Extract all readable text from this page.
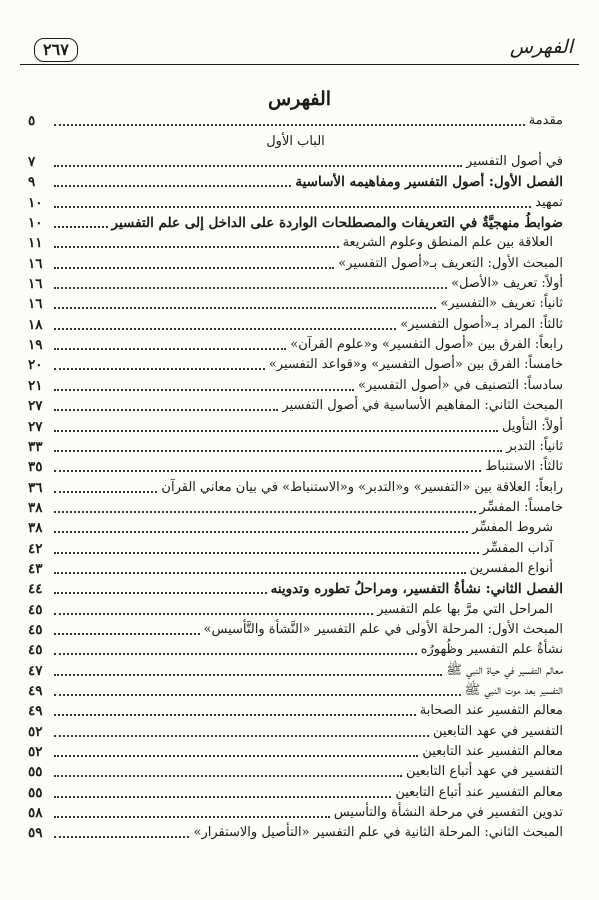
الفهرس
٢٦٧
الفهرس
مقدمة
٥
الباب الأول
في أصول التفسير
٧
الفصل الأول: أصول التفسير ومفاهيمه الأساسية
٩
تمهيد
١٠
ضوابطُ منهجيَّةٌ في التعريفات والمصطلحات الواردة على الداخل إلى علم التفسير
١٠
العلاقة بين علم المنطق وعلوم الشريعة
١١
المبحث الأول: التعريف بـ«أصول التفسير»
١٦
أولاً: تعريف «الأصل»
١٦
ثانياً: تعريف «التفسير»
١٦
ثالثاً: المراد بـ«أصول التفسير»
١٨
رابعاً: الفرق بين «أصول التفسير» و«علوم القرآن»
١٩
خامساً: الفرق بين «أصول التفسير» و«قواعد التفسير»
٢٠
سادساً: التصنيف في «أصول التفسير»
٢١
المبحث الثاني: المفاهيم الأساسية في أصول التفسير
٢٧
أولاً: التأويل
٢٧
ثانياً: التدبر
٣٣
ثالثاً: الاستنباط
٣٥
رابعاً: العلاقة بين «التفسير» و«التدبر» و«الاستنباط» في بيان معاني القرآن
٣٦
خامساً: المفسِّر
٣٨
شروط المفسِّر
٣٨
آداب المفسِّر
٤٢
أنواع المفسرين
٤٣
الفصل الثاني: نشأةُ التفسير، ومراحلُ تطوره وتدوينه
٤٤
المراحل التي مرَّ بها علم التفسير
٤٥
المبحث الأول: المرحلة الأولى في علم التفسير «النَّشأة والتَّأسيس»
٤٥
نشأةُ علم التفسير وظُهورُه
٤٥
معالم التفسير في حياة النبي ﷺ
٤٧
التفسير بعد موت النبي ﷺ
٤٩
معالم التفسير عند الصحابة
٤٩
التفسير في عهد التابعين
٥٢
معالم التفسير عند التابعين
٥٢
التفسير في عهد أتباع التابعين
٥٥
معالم التفسير عند أتباع التابعين
٥٥
تدوين التفسير في مرحلة النشأة والتأسيس
٥٨
المبحث الثاني: المرحلة الثانية في علم التفسير «التأصيل والاستقرار»
٥٩
